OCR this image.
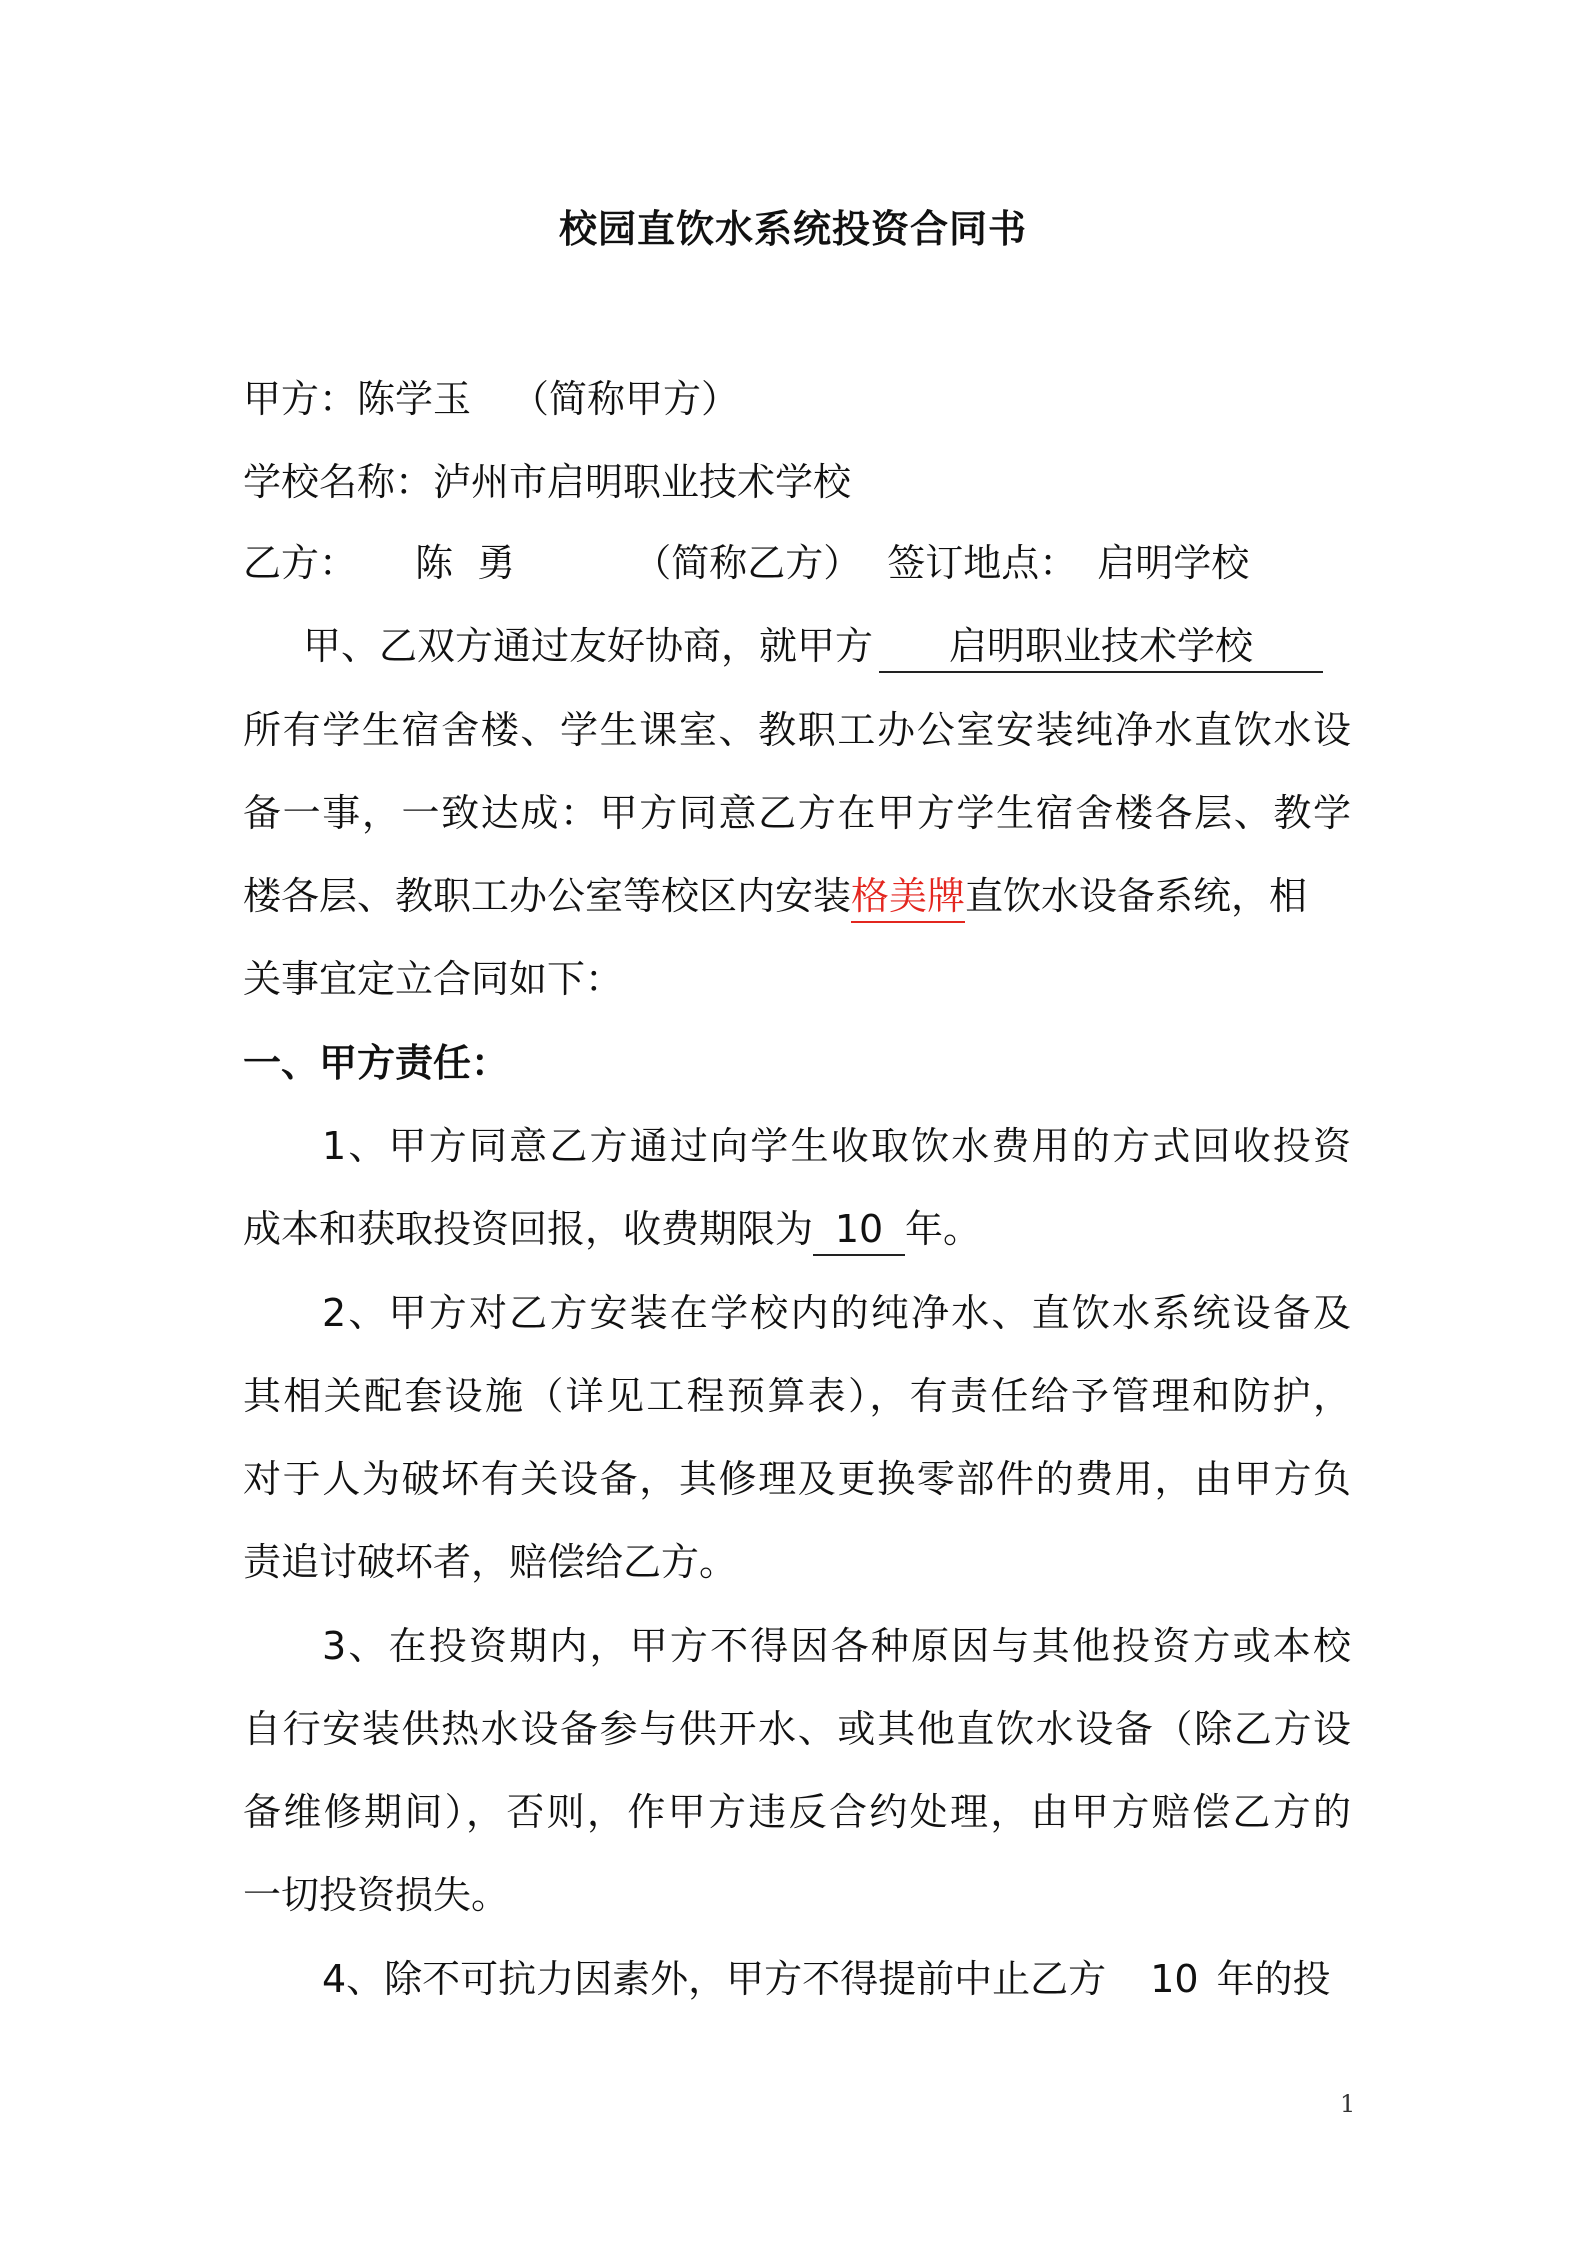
校园直饮水系统投资合同书
甲方：陈学玉 （简称甲方）
学校名称：泸州市启明职业技术学校
乙方： 陈  勇	（简称乙方） 签订地点： 启明学校
甲、乙双方通过友好协商，就甲方 启明职业技术学校
所有学生宿舍楼、学生课室、教职工办公室安装纯净水直饮水设
备一事，一致达成：甲方同意乙方在甲方学生宿舍楼各层、教学
楼各层、教职工办公室等校区内安装格美牌直饮水设备系统，相
关事宜定立合同如下：
一、甲方责任：
1、甲方同意乙方通过向学生收取饮水费用的方式回收投资
成本和获取投资回报，收费期限为 10 年。
2、甲方对乙方安装在学校内的纯净水、直饮水系统设备及
其相关配套设施（详见工程预算表），有责任给予管理和防护，
对于人为破坏有关设备，其修理及更换零部件的费用，由甲方负
责追讨破坏者，赔偿给乙方。
3、在投资期内，甲方不得因各种原因与其他投资方或本校
自行安装供热水设备参与供开水、或其他直饮水设备（除乙方设
备维修期间），否则，作甲方违反合约处理，由甲方赔偿乙方的
一切投资损失。
4、除不可抗力因素外，甲方不得提前中止乙方 10 年的投
1
